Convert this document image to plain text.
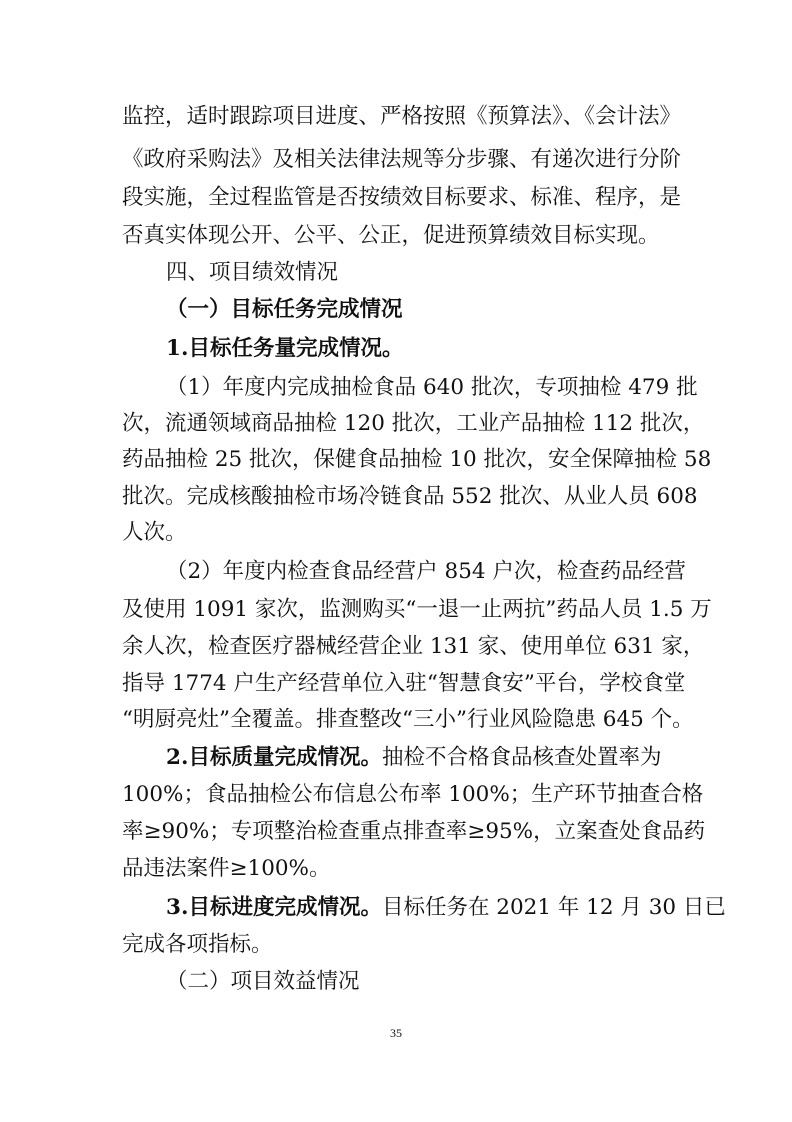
监控，适时跟踪项目进度、严格按照《预算法》、《会计法》
《政府采购法》及相关法律法规等分步骤、有递次进行分阶
段实施，全过程监管是否按绩效目标要求、标准、程序，是
否真实体现公开、公平、公正，促进预算绩效目标实现。
四、项目绩效情况
（一）目标任务完成情况
1.目标任务量完成情况。
（1）年度内完成抽检食品 640 批次，专项抽检 479 批
次，流通领域商品抽检 120 批次，工业产品抽检 112 批次，
药品抽检 25 批次，保健食品抽检 10 批次，安全保障抽检 58
批次。完成核酸抽检市场冷链食品 552 批次、从业人员 608
人次。
（2）年度内检查食品经营户 854 户次，检查药品经营
及使用 1091 家次，监测购买“一退一止两抗”药品人员 1.5 万
余人次，检查医疗器械经营企业 131 家、使用单位 631 家，
指导 1774 户生产经营单位入驻“智慧食安”平台，学校食堂
“明厨亮灶”全覆盖。排查整改“三小”行业风险隐患 645 个。
2.目标质量完成情况。抽检不合格食品核查处置率为
100%；食品抽检公布信息公布率 100%；生产环节抽查合格
率≥90%；专项整治检查重点排查率≥95%，立案查处食品药
品违法案件≥100%。
3.目标进度完成情况。目标任务在 2021 年 12 月 30 日已
完成各项指标。
（二）项目效益情况
35
